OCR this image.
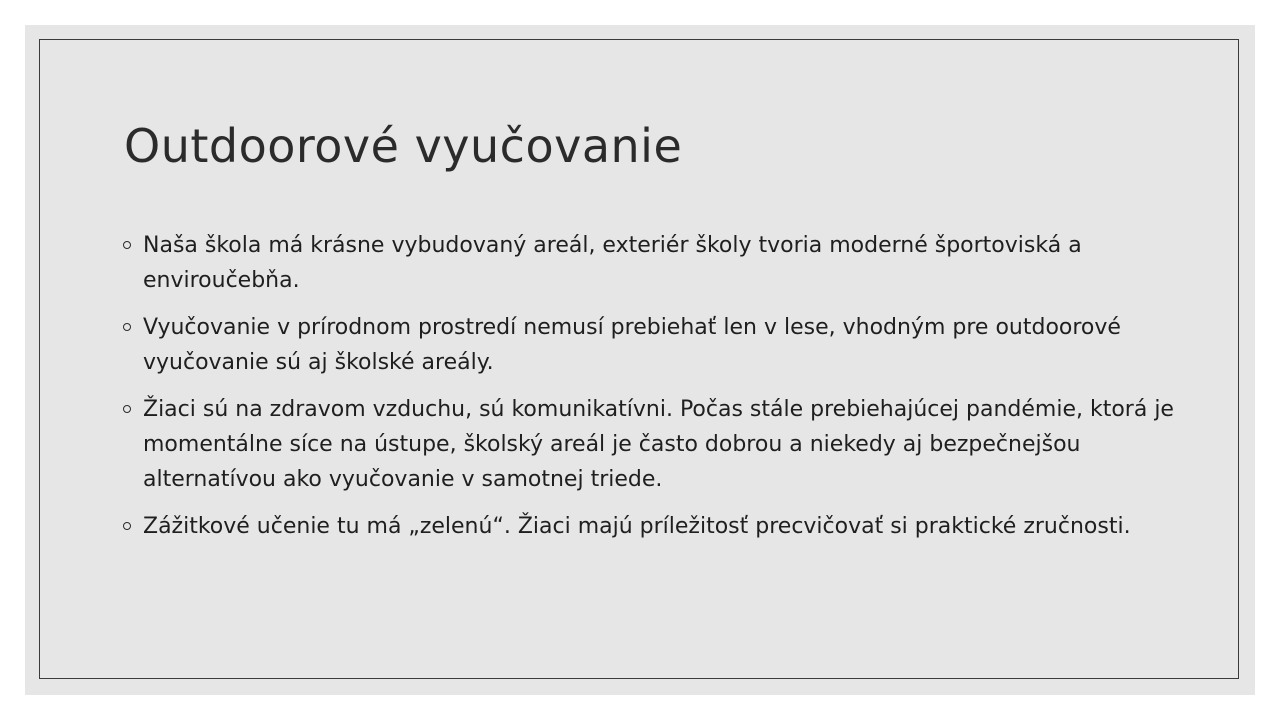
Outdoorové vyučovanie
Naša škola má krásne vybudovaný areál, exteriér školy tvoria moderné športoviská a enviroučebňa.
Vyučovanie v prírodnom prostredí nemusí prebiehať len v lese, vhodným pre outdoorové vyučovanie sú aj školské areály.
Žiaci sú na zdravom vzduchu, sú komunikatívni. Počas stále prebiehajúcej pandémie, ktorá je momentálne síce na ústupe, školský areál je často dobrou a niekedy aj bezpečnejšou alternatívou ako vyučovanie v samotnej triede.
Zážitkové učenie tu má „zelenú“. Žiaci majú príležitosť precvičovať si praktické zručnosti.
